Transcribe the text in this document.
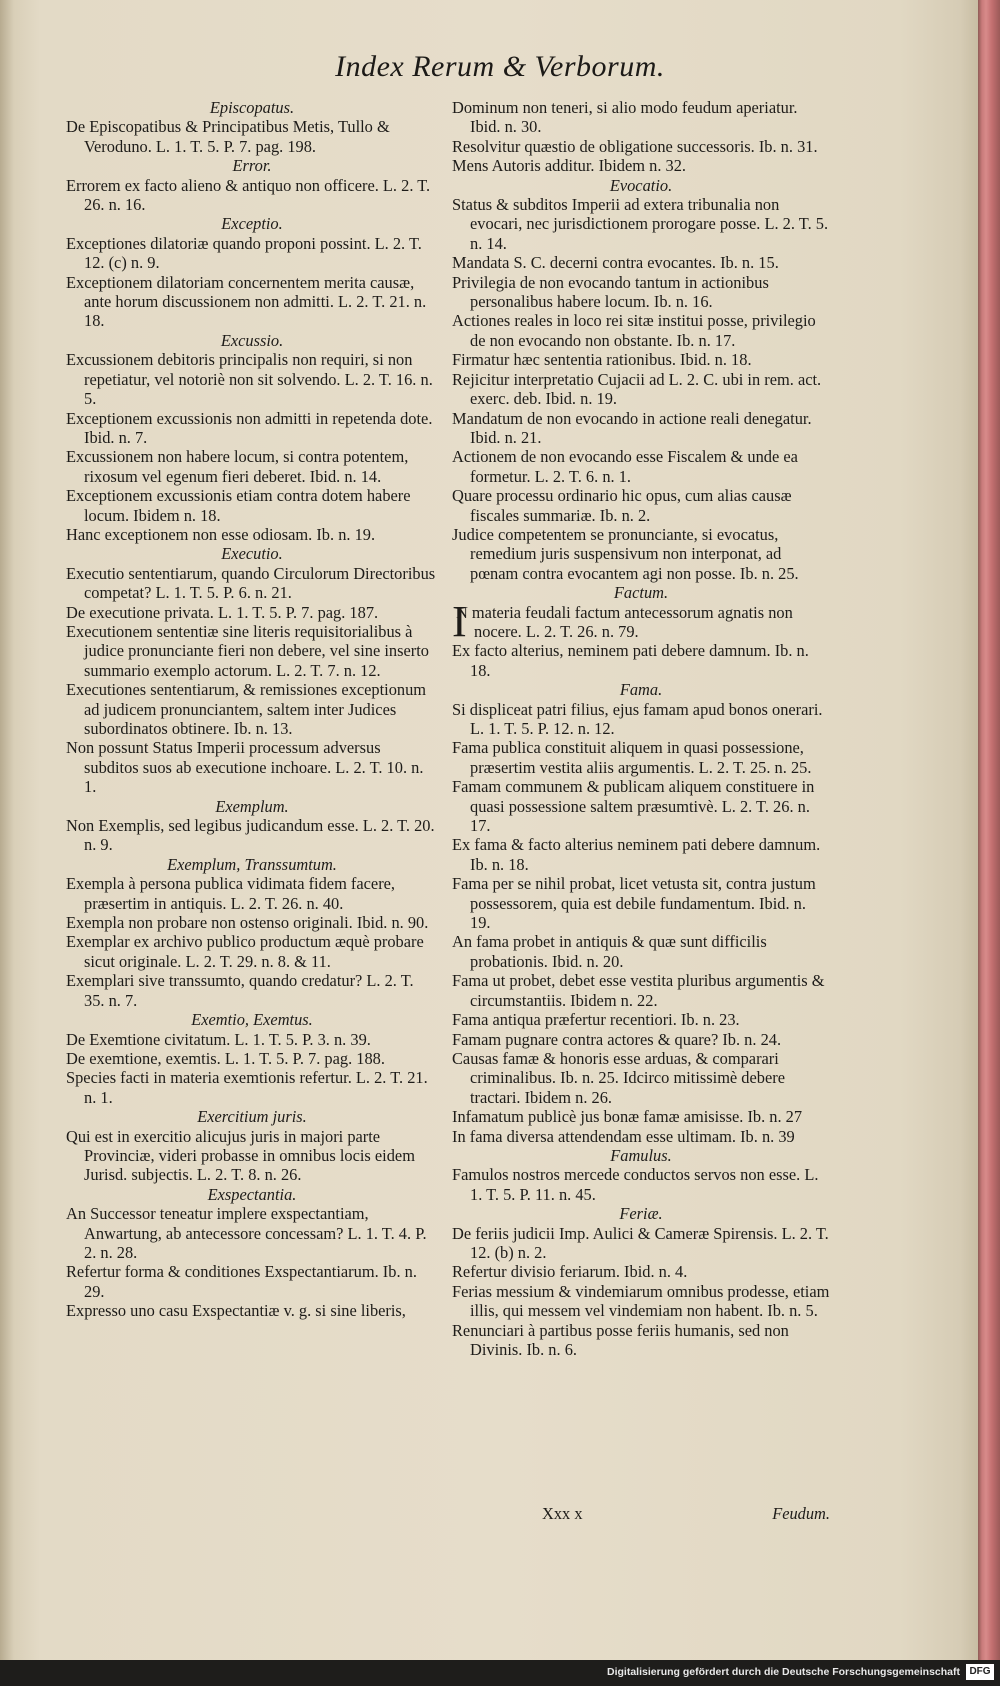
Index Rerum & Verborum.
Episcopatus.
De Episcopatibus & Principatibus Metis, Tullo & Veroduno. L. 1. T. 5. P. 7. pag. 198.
Error.
Errorem ex facto alieno & antiquo non officere. L. 2. T. 26. n. 16.
Exceptio.
Exceptiones dilatoriæ quando proponi possint. L. 2. T. 12. (c) n. 9.
Exceptionem dilatoriam concernentem merita causæ, ante horum discussionem non admitti. L. 2. T. 21. n. 18.
Excussio.
Excussionem debitoris principalis non requiri, si non repetiatur, vel notoriè non sit solvendo. L. 2. T. 16. n. 5.
Exceptionem excussionis non admitti in repetenda dote. Ibid. n. 7.
Excussionem non habere locum, si contra potentem, rixosum vel egenum fieri deberet. Ibid. n. 14.
Exceptionem excussionis etiam contra dotem habere locum. Ibidem n. 18.
Hanc exceptionem non esse odiosam. Ib. n. 19.
Executio.
Executio sententiarum, quando Circulorum Directoribus competat? L. 1. T. 5. P. 6. n. 21.
De executione privata. L. 1. T. 5. P. 7. pag. 187.
Executionem sententiæ sine literis requisitorialibus à judice pronunciante fieri non debere, vel sine inserto summario exemplo actorum. L. 2. T. 7. n. 12.
Executiones sententiarum, & remissiones exceptionum ad judicem pronunciantem, saltem inter Judices subordinatos obtinere. Ib. n. 13.
Non possunt Status Imperii processum adversus subditos suos ab executione inchoare. L. 2. T. 10. n. 1.
Exemplum.
Non Exemplis, sed legibus judicandum esse. L. 2. T. 20. n. 9.
Exemplum, Transsumtum.
Exempla à persona publica vidimata fidem facere, præsertim in antiquis. L. 2. T. 26. n. 40.
Exempla non probare non ostenso originali. Ibid. n. 90.
Exemplar ex archivo publico productum æquè probare sicut originale. L. 2. T. 29. n. 8. & 11.
Exemplari sive transsumto, quando credatur? L. 2. T. 35. n. 7.
Exemtio, Exemtus.
De Exemtione civitatum. L. 1. T. 5. P. 3. n. 39.
De exemtione, exemtis. L. 1. T. 5. P. 7. pag. 188.
Species facti in materia exemtionis refertur. L. 2. T. 21. n. 1.
Exercitium juris.
Qui est in exercitio alicujus juris in majori parte Provinciæ, videri probasse in omnibus locis eidem Jurisd. subjectis. L. 2. T. 8. n. 26.
Exspectantia.
An Successor teneatur implere exspectantiam, Anwartung, ab antecessore concessam? L. 1. T. 4. P. 2. n. 28.
Refertur forma & conditiones Exspectantiarum. Ib. n. 29.
Expresso uno casu Exspectantiæ v. g. si sine liberis,
Dominum non teneri, si alio modo feudum aperiatur. Ibid. n. 30.
Resolvitur quæstio de obligatione successoris. Ib. n. 31.
Mens Autoris additur. Ibidem n. 32.
Evocatio.
Status & subditos Imperii ad extera tribunalia non evocari, nec jurisdictionem prorogare posse. L. 2. T. 5. n. 14.
Mandata S. C. decerni contra evocantes. Ib. n. 15.
Privilegia de non evocando tantum in actionibus personalibus habere locum. Ib. n. 16.
Actiones reales in loco rei sitæ institui posse, privilegio de non evocando non obstante. Ib. n. 17.
Firmatur hæc sententia rationibus. Ibid. n. 18.
Rejicitur interpretatio Cujacii ad L. 2. C. ubi in rem. act. exerc. deb. Ibid. n. 19.
Mandatum de non evocando in actione reali denegatur. Ibid. n. 21.
Actionem de non evocando esse Fiscalem & unde ea formetur. L. 2. T. 6. n. 1.
Quare processu ordinario hic opus, cum alias causæ fiscales summariæ. Ib. n. 2.
Judice competentem se pronunciante, si evocatus, remedium juris suspensivum non interponat, ad pœnam contra evocantem agi non posse. Ib. n. 25.
Factum.
IN materia feudali factum antecessorum agnatis non nocere. L. 2. T. 26. n. 79.
Ex facto alterius, neminem pati debere damnum. Ib. n. 18.
Fama.
Si displiceat patri filius, ejus famam apud bonos onerari. L. 1. T. 5. P. 12. n. 12.
Fama publica constituit aliquem in quasi possessione, præsertim vestita aliis argumentis. L. 2. T. 25. n. 25.
Famam communem & publicam aliquem constituere in quasi possessione saltem præsumtivè. L. 2. T. 26. n. 17.
Ex fama & facto alterius neminem pati debere damnum. Ib. n. 18.
Fama per se nihil probat, licet vetusta sit, contra justum possessorem, quia est debile fundamentum. Ibid. n. 19.
An fama probet in antiquis & quæ sunt difficilis probationis. Ibid. n. 20.
Fama ut probet, debet esse vestita pluribus argumentis & circumstantiis. Ibidem n. 22.
Fama antiqua præfertur recentiori. Ib. n. 23.
Famam pugnare contra actores & quare? Ib. n. 24.
Causas famæ & honoris esse arduas, & comparari criminalibus. Ib. n. 25. Idcirco mitissimè debere tractari. Ibidem n. 26.
Infamatum publicè jus bonæ famæ amisisse. Ib. n. 27
In fama diversa attendendam esse ultimam. Ib. n. 39
Famulus.
Famulos nostros mercede conductos servos non esse. L. 1. T. 5. P. 11. n. 45.
Feriæ.
De feriis judicii Imp. Aulici & Cameræ Spirensis. L. 2. T. 12. (b) n. 2.
Refertur divisio feriarum. Ibid. n. 4.
Ferias messium & vindemiarum omnibus prodesse, etiam illis, qui messem vel vindemiam non habent. Ib. n. 5.
Renunciari à partibus posse feriis humanis, sed non Divinis. Ib. n. 6.
Xxx x	Feudum.
Digitalisierung gefördert durch die Deutsche Forschungsgemeinschaft DFG
